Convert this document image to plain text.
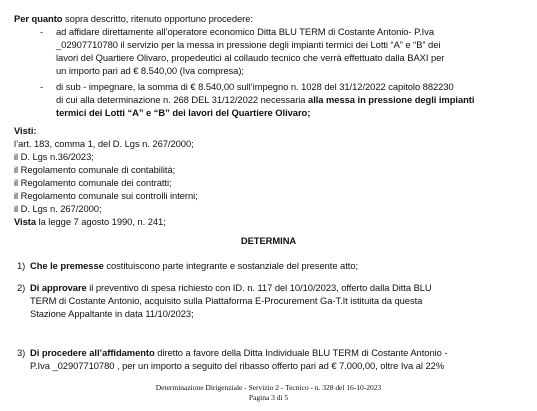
Per quanto sopra descritto, ritenuto opportuno procedere:
- ad affidare direttamente all’operatore economico Ditta BLU TERM di Costante Antonio- P.Iva
_02907710780 il servizio per la messa in pressione degli impianti termici dei Lotti “A” e “B” dei
lavori del Quartiere Olivaro, propedeutici al collaudo tecnico che verrà effettuato dalla BAXI per
un importo pari ad € 8.540,00 (Iva compresa);
- di sub - impegnare, la somma di € 8.540,00 sull’impegno n. 1028 del 31/12/2022 capitolo 882230
di cui alla determinazione n. 268 DEL 31/12/2022 necessaria alla messa in pressione degli impianti
termici dei Lotti “A” e “B” dei lavori del Quartiere Olivaro;
Visti:
l’art. 183, comma 1, del D. Lgs n. 267/2000;
il D. Lgs n.36/2023;
il Regolamento comunale di contabilità;
il Regolamento comunale dei contratti;
il Regolamento comunale sui controlli interni;
il D. Lgs n. 267/2000;
Vista la legge 7 agosto 1990, n. 241;
DETERMINA
1) Che le premesse costituiscono parte integrante e sostanziale del presente atto;
2) Di approvare il preventivo di spesa richiesto con ID. n. 117 del 10/10/2023, offerto dalla Ditta BLU
TERM di Costante Antonio, acquisito sulla Piattaforma E-Procurement Ga-T.It istituita da questa
Stazione Appaltante in data 11/10/2023;
3) Di procedere all’affidamento diretto a favore della Ditta Individuale BLU TERM di Costante Antonio -
P.Iva _02907710780 , per un importo a seguito del ribasso offerto pari ad € 7.000,00, oltre Iva al 22%
Determinazione Dirigenziale - Servizio 2 - Tecnico - n. 328 del 16-10-2023
Pagina 3 di 5
